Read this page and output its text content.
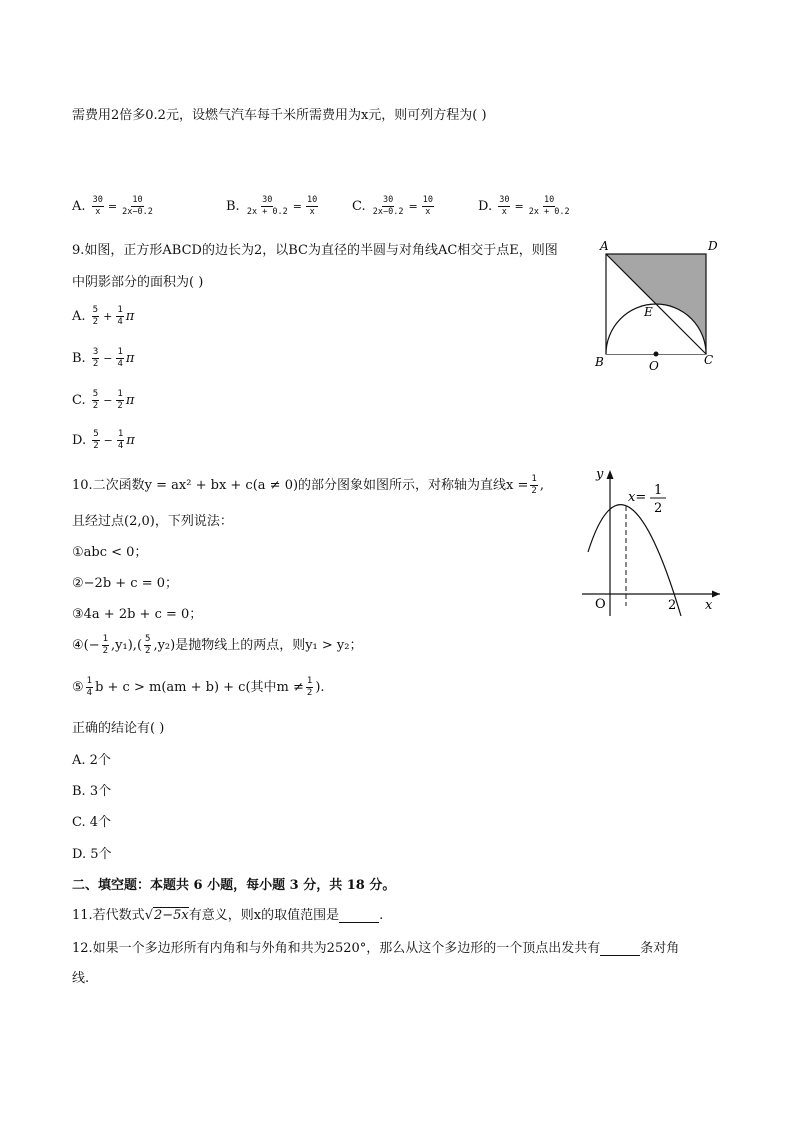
需费用2倍多0.2元，设燃气汽车每千米所需费用为x元，则可列方程为( )
A. $\frac{30}{x} = \frac{10}{2x-0.2}$	B. $\frac{30}{2x + 0.2} = \frac{10}{x}$	C. $\frac{30}{2x-0.2} = \frac{10}{x}$	D. $\frac{30}{x} = \frac{10}{2x + 0.2}$
9.如图，正方形ABCD的边长为2，以BC为直径的半圆与对角线AC相交于点E，则图
中阴影部分的面积为( )
A. $\frac{5}{2} + \frac{1}{4}$ π
B. $\frac{3}{2} - \frac{1}{4}$ π
C. $\frac{5}{2} - \frac{1}{2}$ π
D. $\frac{5}{2} - \frac{1}{4}$ π
A	D
B	C
E
O
10.二次函数y = ax² + bx + c(a ≠ 0)的部分图象如图所示，对称轴为直线$x = \frac{1}{2}$ ,
且经过点(2,0)，下列说法：
①abc < 0；
②−2b + c = 0；
③4a + 2b + c = 0；
④(− $\frac{1}{2} ,y_1),( \frac{5}{2} ,y_2)$是抛物线上的两点，则y₁ > y₂；
⑤ $\frac{1}{4}$ b + c > m(am + b) + c(其中$m \ne \frac{1}{2}$ ).
正确的结论有( )
A. 2个
B. 3个
C. 4个
D. 5个
y
x
O	2
x= 1
2
二、填空题：本题共 6 小题，每小题 3 分，共 18 分。
11.若代数式√2−5x有意义，则x的取值范围是	.
12.如果一个多边形所有内角和与外角和共为2520°，那么从这个多边形的一个顶点出发共有	条对角
线.
